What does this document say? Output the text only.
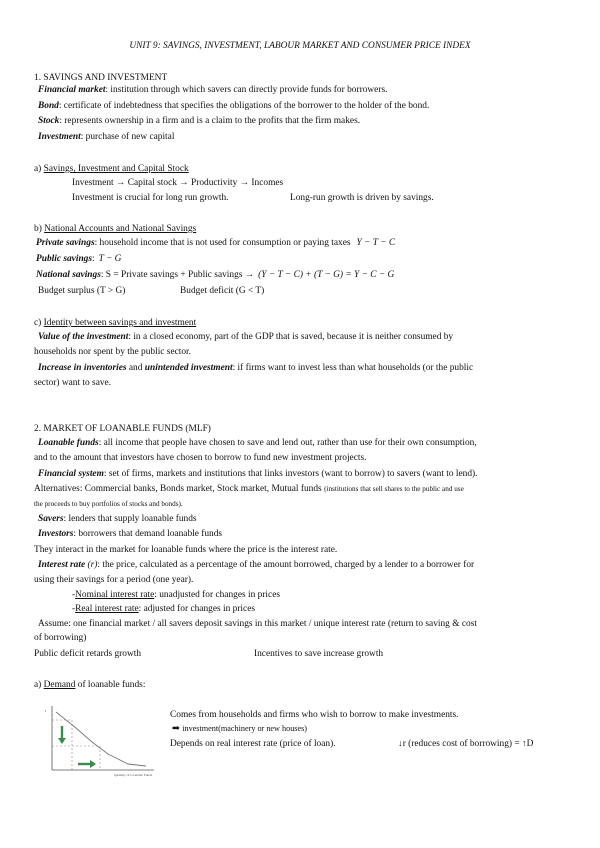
UNIT 9: SAVINGS, INVESTMENT, LABOUR MARKET AND CONSUMER PRICE INDEX
1. SAVINGS AND INVESTMENT
Financial market: institution through which savers can directly provide funds for borrowers.
Bond: certificate of indebtedness that specifies the obligations of the borrower to the holder of the bond.
Stock: represents ownership in a firm and is a claim to the profits that the firm makes.
Investment: purchase of new capital
a) Savings, Investment and Capital Stock
Investment → Capital stock → Productivity → Incomes
Investment is crucial for long run growth.	Long-run growth is driven by savings.
b) National Accounts and National Savings
Private savings: household income that is not used for consumption or paying taxes Y − T − C
Public savings: T − G
National savings: S = Private savings + Public savings → (Y − T − C) + (T − G) = Y − C − G
Budget surplus (T > G)	Budget deficit (G < T)
c) Identity between savings and investment
Value of the investment: in a closed economy, part of the GDP that is saved, because it is neither consumed by
households nor spent by the public sector.
Increase in inventories and unintended investment: if firms want to invest less than what households (or the public
sector) want to save.
2. MARKET OF LOANABLE FUNDS (MLF)
Loanable funds: all income that people have chosen to save and lend out, rather than use for their own consumption,
and to the amount that investors have chosen to borrow to fund new investment projects.
Financial system: set of firms, markets and institutions that links investors (want to borrow) to savers (want to lend).
Alternatives: Commercial banks, Bonds market, Stock market, Mutual funds (institutions that sell shares to the public and use
the proceeds to buy portfolios of stocks and bonds).
Savers: lenders that supply loanable funds
Investors: borrowers that demand loanable funds
They interact in the market for loanable funds where the price is the interest rate.
Interest rate (r): the price, calculated as a percentage of the amount borrowed, charged by a lender to a borrower for
using their savings for a period (one year).
-Nominal interest rate: unadjusted for changes in prices
-Real interest rate: adjusted for changes in prices
Assume: one financial market / all savers deposit savings in this market / unique interest rate (return to saving & cost
of borrowing)
Public deficit retards growth	Incentives to save increase growth
a) Demand of loanable funds:
Comes from households and firms who wish to borrow to make investments.
➡ investment(machinery or new houses)
Depends on real interest rate (price of loan).	↓r (reduces cost of borrowing) = ↑D
r
Quantity of Loanable Funds
